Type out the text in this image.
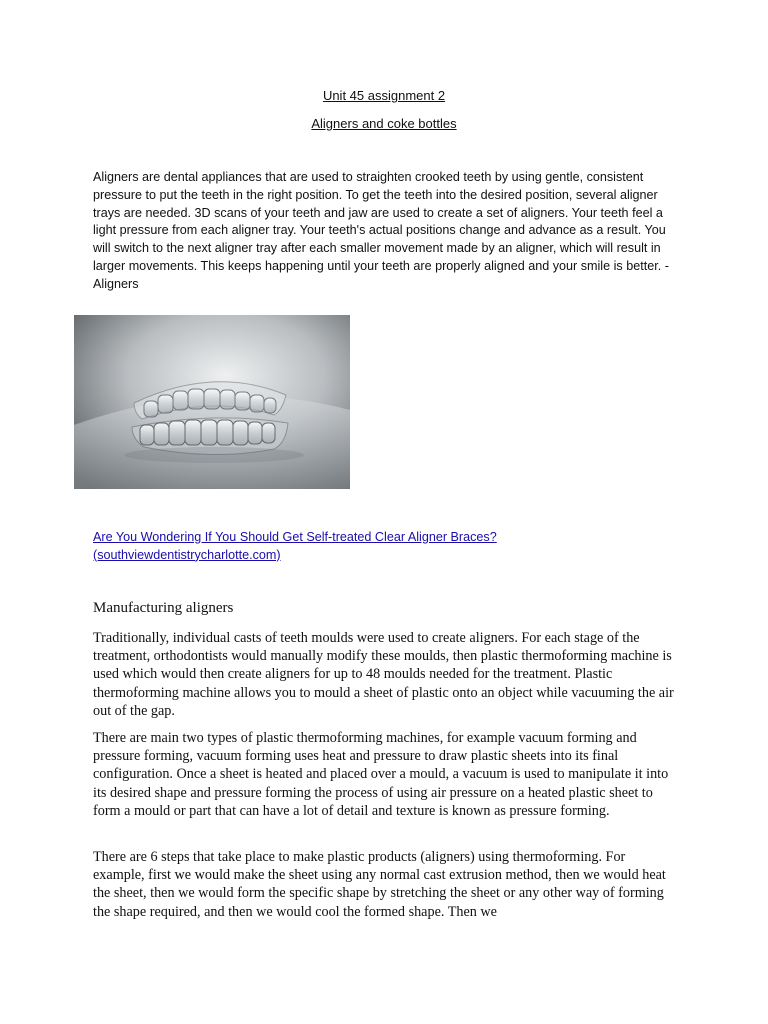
Unit 45 assignment 2
Aligners and coke bottles
Aligners are dental appliances that are used to straighten crooked teeth by using gentle, consistent pressure to put the teeth in the right position. To get the teeth into the desired position, several aligner trays are needed. 3D scans of your teeth and jaw are used to create a set of aligners. Your teeth feel a light pressure from each aligner tray. Your teeth's actual positions change and advance as a result. You will switch to the next aligner tray after each smaller movement made by an aligner, which will result in larger movements. This keeps happening until your teeth are properly aligned and your smile is better. -Aligners
Are You Wondering If You Should Get Self-treated Clear Aligner Braces? (southviewdentistrycharlotte.com)
Manufacturing aligners
Traditionally, individual casts of teeth moulds were used to create aligners. For each stage of the treatment, orthodontists would manually modify these moulds, then plastic thermoforming machine is used which would then create aligners for up to 48 moulds needed for the treatment. Plastic thermoforming machine allows you to mould a sheet of plastic onto an object while vacuuming the air out of the gap.
There are main two types of plastic thermoforming machines, for example vacuum forming and pressure forming, vacuum forming uses heat and pressure to draw plastic sheets into its final configuration. Once a sheet is heated and placed over a mould, a vacuum is used to manipulate it into its desired shape and pressure forming the process of using air pressure on a heated plastic sheet to form a mould or part that can have a lot of detail and texture is known as pressure forming.
There are 6 steps that take place to make plastic products (aligners) using thermoforming. For example, first we would make the sheet using any normal cast extrusion method, then we would heat the sheet, then we would form the specific shape by stretching the sheet or any other way of forming the shape required, and then we would cool the formed shape. Then we
